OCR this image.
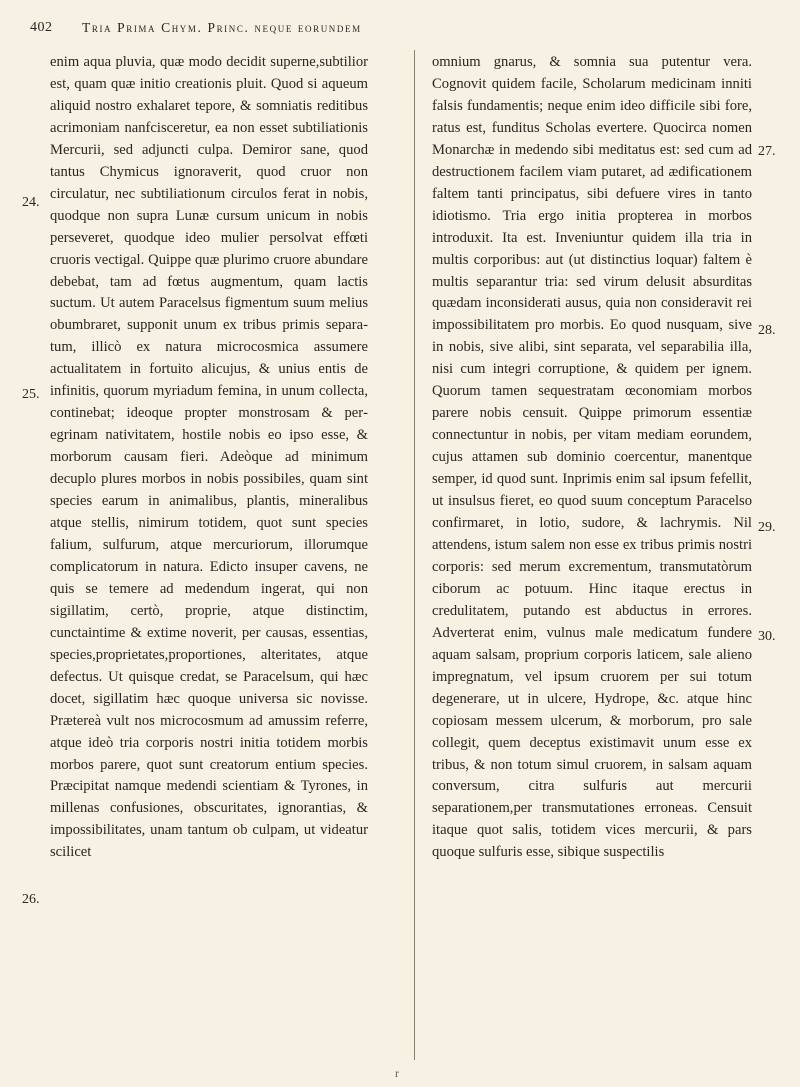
402 Tria Prima Chym. Princ. neque eorundem
24.
25.
26.
27.
28.
29.
30.

enim aqua pluvia, quæ modo decidit superne,subtilior est, quam quæ initio creationis pluit. Quod si aqueum aliquid nostro exhalaret tepore, & somniatis reditibus acrimoniam nanfcisceretur, ea non esset subtiliationis Mercurii, sed adjuncti culpa. Demiror sane, quod tantus Chymicus ignoraverit, quod cruor non circulatur, nec subtiliationum circulos ferat in nobis, quodque non supra Lunæ cursum unicum in nobis perseveret, quodque ideo mulier persolvat effœti cruoris vectigal. Quippe quæ plurimo cruore abundare debebat, tam ad fœtus augmentum, quam lactis suctum. Ut autem Paracelsus figmentum suum melius obumbraret, supponit unum ex tribus primis separatum, illicò ex natura microcosmica assumere actualitatem in fortuito alicujus, & unius entis de infinitis, quorum myriadum femina, in unum collecta, continebat; ideoque propter monstrosam & peregrinam nativitatem, hostile nobis eo ipso esse, & morborum causam fieri. Adeòque ad minimum decuplo plures morbos in nobis possibiles, quam sint species earum in animalibus, plantis, mineralibus atque stellis, nimirum totidem, quot sunt species falium, sulfurum, atque mercuriorum, illorumque complicatorum in natura. Edicto insuper cavens, ne quis se temere ad medendum ingerat, qui non sigillatim, certò, proprie, atque distinctim, cunctaintime & extime noverit, per causas, essentias, species,proprietates,proportiones, alteritates, atque defectus. Ut quisque credat, se Paracelsum, qui hæc docet, sigillatim hæc quoque universa sic novisse. Prætereà vult nos microcosmum ad amussim referre, atque ideò tria corporis nostri initia totidem morbis morbos parere, quot sunt creatorum entium species. Præcipitat namque medendi scientiam & Tyrones, in millenas confusiones, obscuritates, ignorantias, & impossibilitates, unam tantum ob culpam, ut videatur scilicet

omnium gnarus, & somnia sua putentur vera. Cognovit quidem facile, Scholarum medicinam inniti falsis fundamentis; neque enim ideo difficile sibi fore, ratus est, funditus Scholas evertere. Quocirca nomen Monarchæ in medendo sibi meditatus est: sed cum ad destructionem facilem viam putaret, ad ædificationem faltem tanti principatus, sibi defuere vires in tanto idiotismo. Tria ergo initia propterea in morbos introduxit. Ita est. Inveniuntur quidem illa tria in multis corporibus: aut (ut distinctius loquar) faltem è multis separantur tria: sed virum delusit absurditas quædam inconsiderati ausus, quia non consideravit rei impossibilitatem pro morbis. Eo quod nusquam, sive in nobis, sive alibi, sint separata, vel separabilia illa, nisi cum integri corruptione, & quidem per ignem. Quorum tamen sequestratam œconomiam morbos parere nobis censuit. Quippe primorum essentiæ connectuntur in nobis, per vitam mediam eorundem, cujus attamen sub dominio coercentur, manentque semper, id quod sunt. Inprimis enim sal ipsum fefellit, ut insulsus fieret, eo quod suum conceptum Paracelso confirmaret, in lotio, sudore, & lachrymis. Nil attendens, istum salem non esse ex tribus primis nostri corporis: sed merum excrementum, transmutatòrum ciborum ac potuum. Hinc itaque erectus in credulitatem, putando est abductus in errores. Adverterat enim, vulnus male medicatum fundere aquam salsam, proprium corporis laticem, sale alieno impregnatum, vel ipsum cruorem per sui totum degenerare, ut in ulcere, Hydrope, &c. atque hinc copiosam messem ulcerum, & morborum, pro sale collegit, quem deceptus existimavit unum esse ex tribus, & non totum simul cruorem, in salsam aquam conversum, citra sulfuris aut mercurii separationem,per transmutationes erroneas. Censuit itaque quot salis, totidem vices mercurii, & pars quoque sulfuris esse, sibique suspectilis

r
